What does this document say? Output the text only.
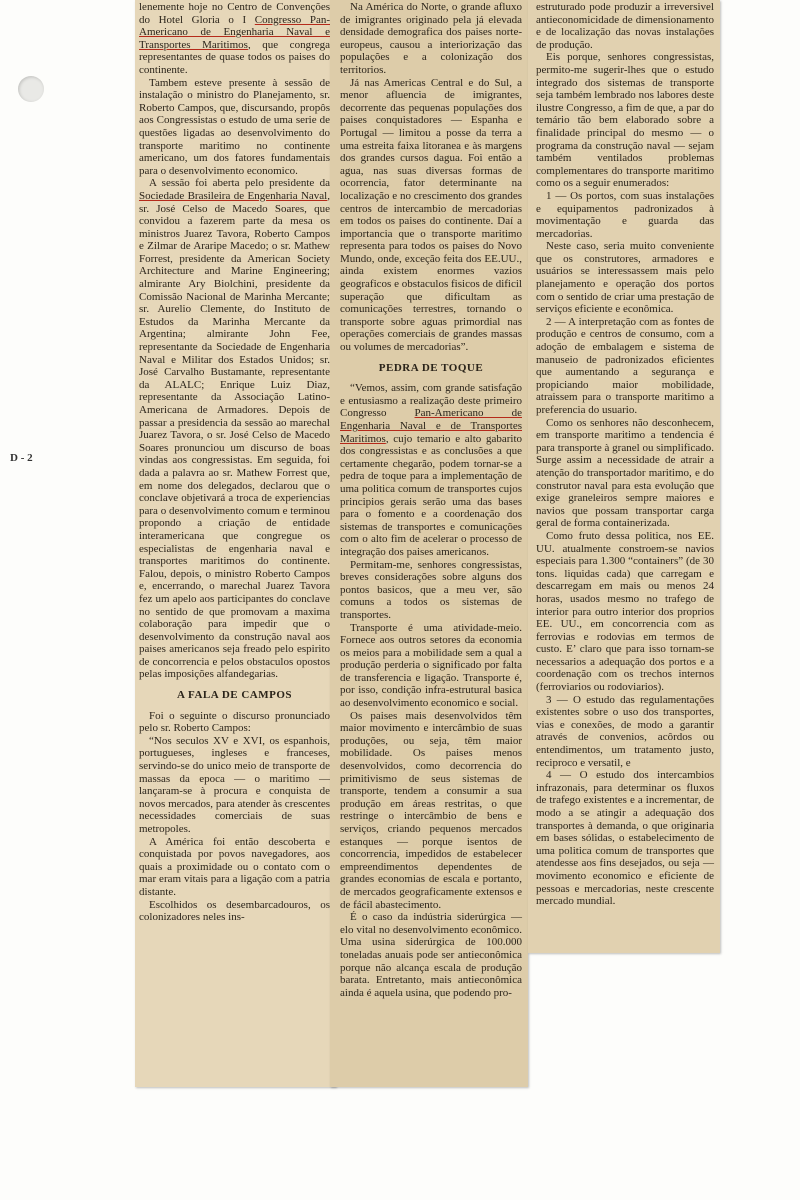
D - 2

lenemente hoje no Centro de Convenções do Hotel Gloria o I Congresso Pan-Americano de Engenharia Naval e Transportes Maritimos, que congrega representantes de quase todos os paises do continente.

Tambem esteve presente à sessão de instalação o ministro do Planejamento, sr. Roberto Campos, que, discursando, propôs aos Congressistas o estudo de uma serie de questões ligadas ao desenvolvimento do transporte maritimo no continente americano, um dos fatores fundamentais para o desenvolvimento economico.

A sessão foi aberta pelo presidente da Sociedade Brasileira de Engenharia Naval, sr. José Celso de Macedo Soares, que convidou a fazerem parte da mesa os ministros Juarez Tavora, Roberto Campos e Zilmar de Araripe Macedo; o sr. Mathew Forrest, presidente da American Society Architecture and Marine Engineering; almirante Ary Biolchini, presidente da Comissão Nacional de Marinha Mercante; sr. Aurelio Clemente, do Instituto de Estudos da Marinha Mercante da Argentina; almirante John Fee, representante da Sociedade de Engenharia Naval e Militar dos Estados Unidos; sr. José Carvalho Bustamante, representante da ALALC; Enrique Luiz Diaz, representante da Associação Latino-Americana de Armadores. Depois de passar a presidencia da sessão ao marechal Juarez Tavora, o sr. José Celso de Macedo Soares pronunciou um discurso de boas vindas aos congressistas. Em seguida, foi dada a palavra ao sr. Mathew Forrest que, em nome dos delegados, declarou que o conclave objetivará a troca de experiencias para o desenvolvimento comum e terminou propondo a criação de entidade interamericana que congregue os especialistas de engenharia naval e transportes maritimos do continente. Falou, depois, o ministro Roberto Campos e, encerrando, o marechal Juarez Tavora fez um apelo aos participantes do conclave no sentido de que promovam a maxima colaboração para impedir que o desenvolvimento da construção naval aos paises americanos seja freado pelo espirito de concorrencia e pelos obstaculos opostos pelas imposições alfandegarias.

A FALA DE CAMPOS

Foi o seguinte o discurso pronunciado pelo sr. Roberto Campos:

“Nos seculos XV e XVI, os espanhois, portugueses, ingleses e franceses, servindo-se do unico meio de transporte de massas da epoca — o maritimo — lançaram-se à procura e conquista de novos mercados, para atender às crescentes necessidades comerciais de suas metropoles.

A América foi então descoberta e conquistada por povos navegadores, aos quais a proximidade ou o contato com o mar eram vitais para a ligação com a patria distante.

Escolhidos os desembarcadouros, os colonizadores neles ins-

Na América do Norte, o grande afluxo de imigrantes originado pela já elevada densidade demografica dos paises norte-europeus, causou a interiorização das populações e a colonização dos territorios.

Já nas Americas Central e do Sul, a menor afluencia de imigrantes, decorrente das pequenas populações dos paises conquistadores — Espanha e Portugal — limitou a posse da terra a uma estreita faixa litoranea e às margens dos grandes cursos dagua. Foi então a agua, nas suas diversas formas de ocorrencia, fator determinante na localização e no crescimento dos grandes centros de intercambio de mercadorias em todos os paises do continente. Daí a importancia que o transporte maritimo representa para todos os paises do Novo Mundo, onde, exceção feita dos EE.UU., ainda existem enormes vazios geograficos e obstaculos fisicos de dificil superação que dificultam as comunicações terrestres, tornando o transporte sobre aguas primordial nas operações comerciais de grandes massas ou volumes de mercadorias”.

PEDRA DE TOQUE

“Vemos, assim, com grande satisfação e entusiasmo a realização deste primeiro Congresso Pan-Americano de Engenharia Naval e de Transportes Maritimos, cujo temario e alto gabarito dos congressistas e as conclusões a que certamente chegarão, podem tornar-se a pedra de toque para a implementação de uma politica comum de transportes cujos principios gerais serão uma das bases para o fomento e a coordenação dos sistemas de transportes e comunicações com o alto fim de acelerar o processo de integração dos paises americanos.

Permitam-me, senhores congressistas, breves considerações sobre alguns dos pontos basicos, que a meu ver, são comuns a todos os sistemas de transportes.

Transporte é uma atividade-meio. Fornece aos outros setores da economia os meios para a mobilidade sem a qual a produção perderia o significado por falta de transferencia e ligação. Transporte é, por isso, condição infra-estrutural basica ao desenvolvimento economico e social.

Os paises mais desenvolvidos têm maior movimento e intercâmbio de suas produções, ou seja, têm maior mobilidade. Os paises menos desenvolvidos, como decorrencia do primitivismo de seus sistemas de transporte, tendem a consumir a sua produção em áreas restritas, o que restringe o intercâmbio de bens e serviços, criando pequenos mercados estanques — porque isentos de concorrencia, impedidos de estabelecer empreendimentos dependentes de grandes economias de escala e portanto, de mercados geograficamente extensos e de fácil abastecimento.

É o caso da indústria siderúrgica — elo vital no desenvolvimento econômico. Uma usina siderúrgica de 100.000 toneladas anuais pode ser antieconômica porque não alcança escala de produção barata. Entretanto, mais antieconômica ainda é aquela usina, que podendo pro-

estruturado pode produzir a irreversivel antieconomicidade de dimensionamento e de localização das novas instalações de produção.

Eis porque, senhores congressistas, permito-me sugerir-lhes que o estudo integrado dos sistemas de transporte seja também lembrado nos labores deste ilustre Congresso, a fim de que, a par do temário tão bem elaborado sobre a finalidade principal do mesmo — o programa da construção naval — sejam também ventilados problemas complementares do transporte maritimo como os a seguir enumerados:

1 — Os portos, com suas instalações e equipamentos padronizados à movimentação e guarda das mercadorias.

Neste caso, seria muito conveniente que os construtores, armadores e usuários se interessassem mais pelo planejamento e operação dos portos com o sentido de criar uma prestação de serviços eficiente e econômica.

2 — A interpretação com as fontes de produção e centros de consumo, com a adoção de embalagem e sistema de manuseio de padronizados eficientes que aumentando a segurança e propiciando maior mobilidade, atraissem para o transporte maritimo a preferencia do usuario.

Como os senhores não desconhecem, em transporte maritimo a tendencia é para transporte à granel ou simplificado. Surge assim a necessidade de atrair a atenção do transportador maritimo, e do construtor naval para esta evolução que exige graneleiros sempre maiores e navios que possam transportar carga geral de forma containerizada.

Como fruto dessa politica, nos EE. UU. atualmente constroem-se navios especiais para 1.300 “containers” (de 30 tons. liquidas cada) que carregam e descarregam em mais ou menos 24 horas, usados mesmo no trafego de interior para outro interior dos proprios EE. UU., em concorrencia com as ferrovias e rodovias em termos de custo. E’ claro que para isso tornam-se necessarios a adequação dos portos e a coordenação com os trechos internos (ferroviarios ou rodoviarios).

3 — O estudo das regulamentações existentes sobre o uso dos transportes, vias e conexões, de modo a garantir através de convenios, acôrdos ou entendimentos, um tratamento justo, reciproco e versatil, e

4 — O estudo dos intercambios infrazonais, para determinar os fluxos de trafego existentes e a incrementar, de modo a se atingir a adequação dos transportes à demanda, o que originaria em bases sólidas, o estabelecimento de uma politica comum de transportes que atendesse aos fins desejados, ou seja — movimento economico e eficiente de pessoas e mercadorias, neste crescente mercado mundial.
